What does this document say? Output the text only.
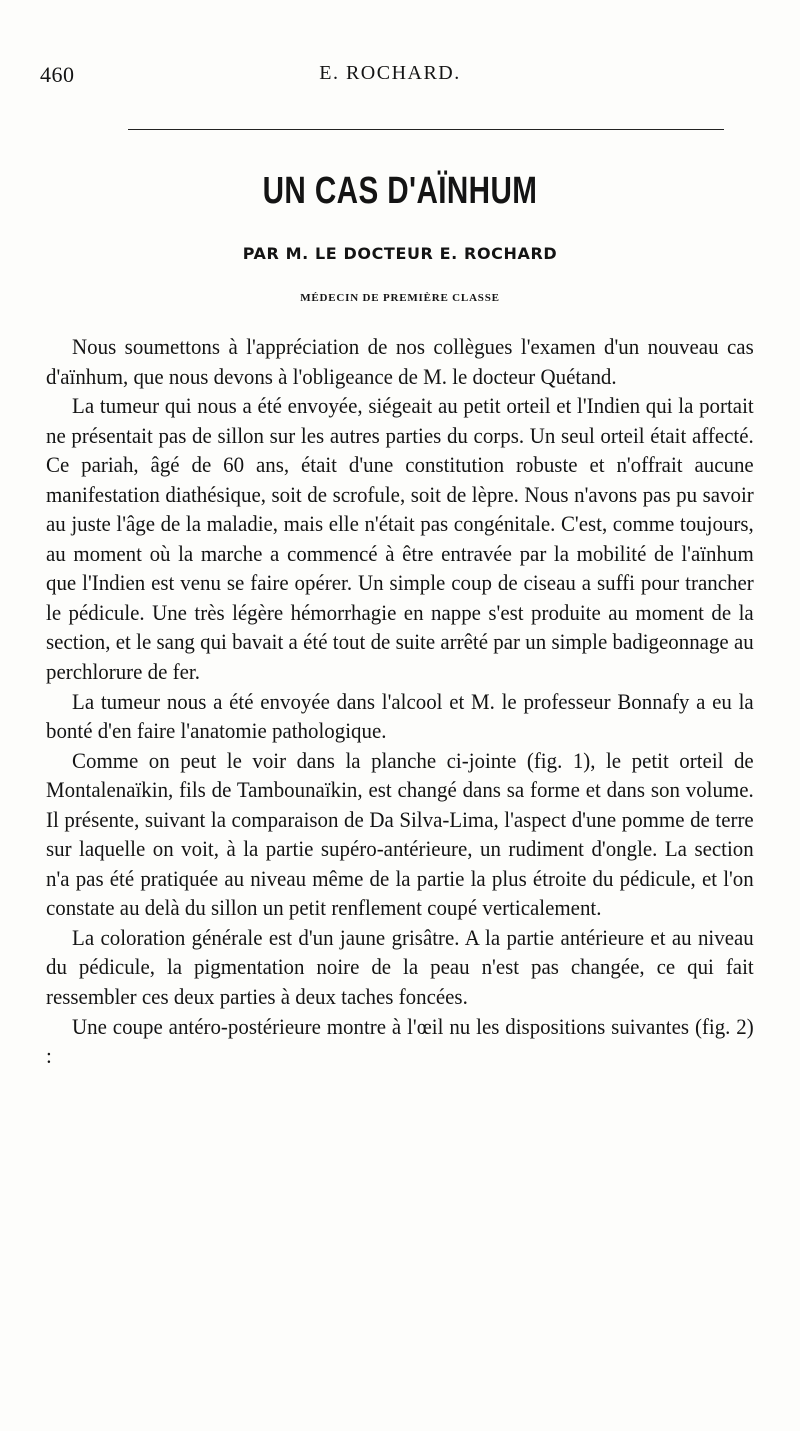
460	E. ROCHARD.
UN CAS D'AÏNHUM
PAR M. LE DOCTEUR E. ROCHARD
MÉDECIN DE PREMIÈRE CLASSE

Nous soumettons à l'appréciation de nos collègues l'examen d'un nouveau cas d'aïnhum, que nous devons à l'obligeance de M. le docteur Quétand.

La tumeur qui nous a été envoyée, siégeait au petit orteil et l'Indien qui la portait ne présentait pas de sillon sur les autres parties du corps. Un seul orteil était affecté. Ce pariah, âgé de 60 ans, était d'une constitution robuste et n'offrait aucune manifestation diathésique, soit de scrofule, soit de lèpre. Nous n'avons pas pu savoir au juste l'âge de la maladie, mais elle n'était pas congénitale. C'est, comme toujours, au moment où la marche a commencé à être entravée par la mobilité de l'aïnhum que l'Indien est venu se faire opérer. Un simple coup de ciseau a suffi pour trancher le pédicule. Une très légère hémorrhagie en nappe s'est produite au moment de la section, et le sang qui bavait a été tout de suite arrêté par un simple badigeonnage au perchlorure de fer.

La tumeur nous a été envoyée dans l'alcool et M. le professeur Bonnafy a eu la bonté d'en faire l'anatomie pathologique.

Comme on peut le voir dans la planche ci-jointe (fig. 1), le petit orteil de Montalenaïkin, fils de Tambounaïkin, est changé dans sa forme et dans son volume. Il présente, suivant la comparaison de Da Silva-Lima, l'aspect d'une pomme de terre sur laquelle on voit, à la partie supéro-antérieure, un rudiment d'ongle. La section n'a pas été pratiquée au niveau même de la partie la plus étroite du pédicule, et l'on constate au delà du sillon un petit renflement coupé verticalement.

La coloration générale est d'un jaune grisâtre. A la partie antérieure et au niveau du pédicule, la pigmentation noire de la peau n'est pas changée, ce qui fait ressembler ces deux parties à deux taches foncées.

Une coupe antéro-postérieure montre à l'œil nu les dispositions suivantes (fig. 2) :
